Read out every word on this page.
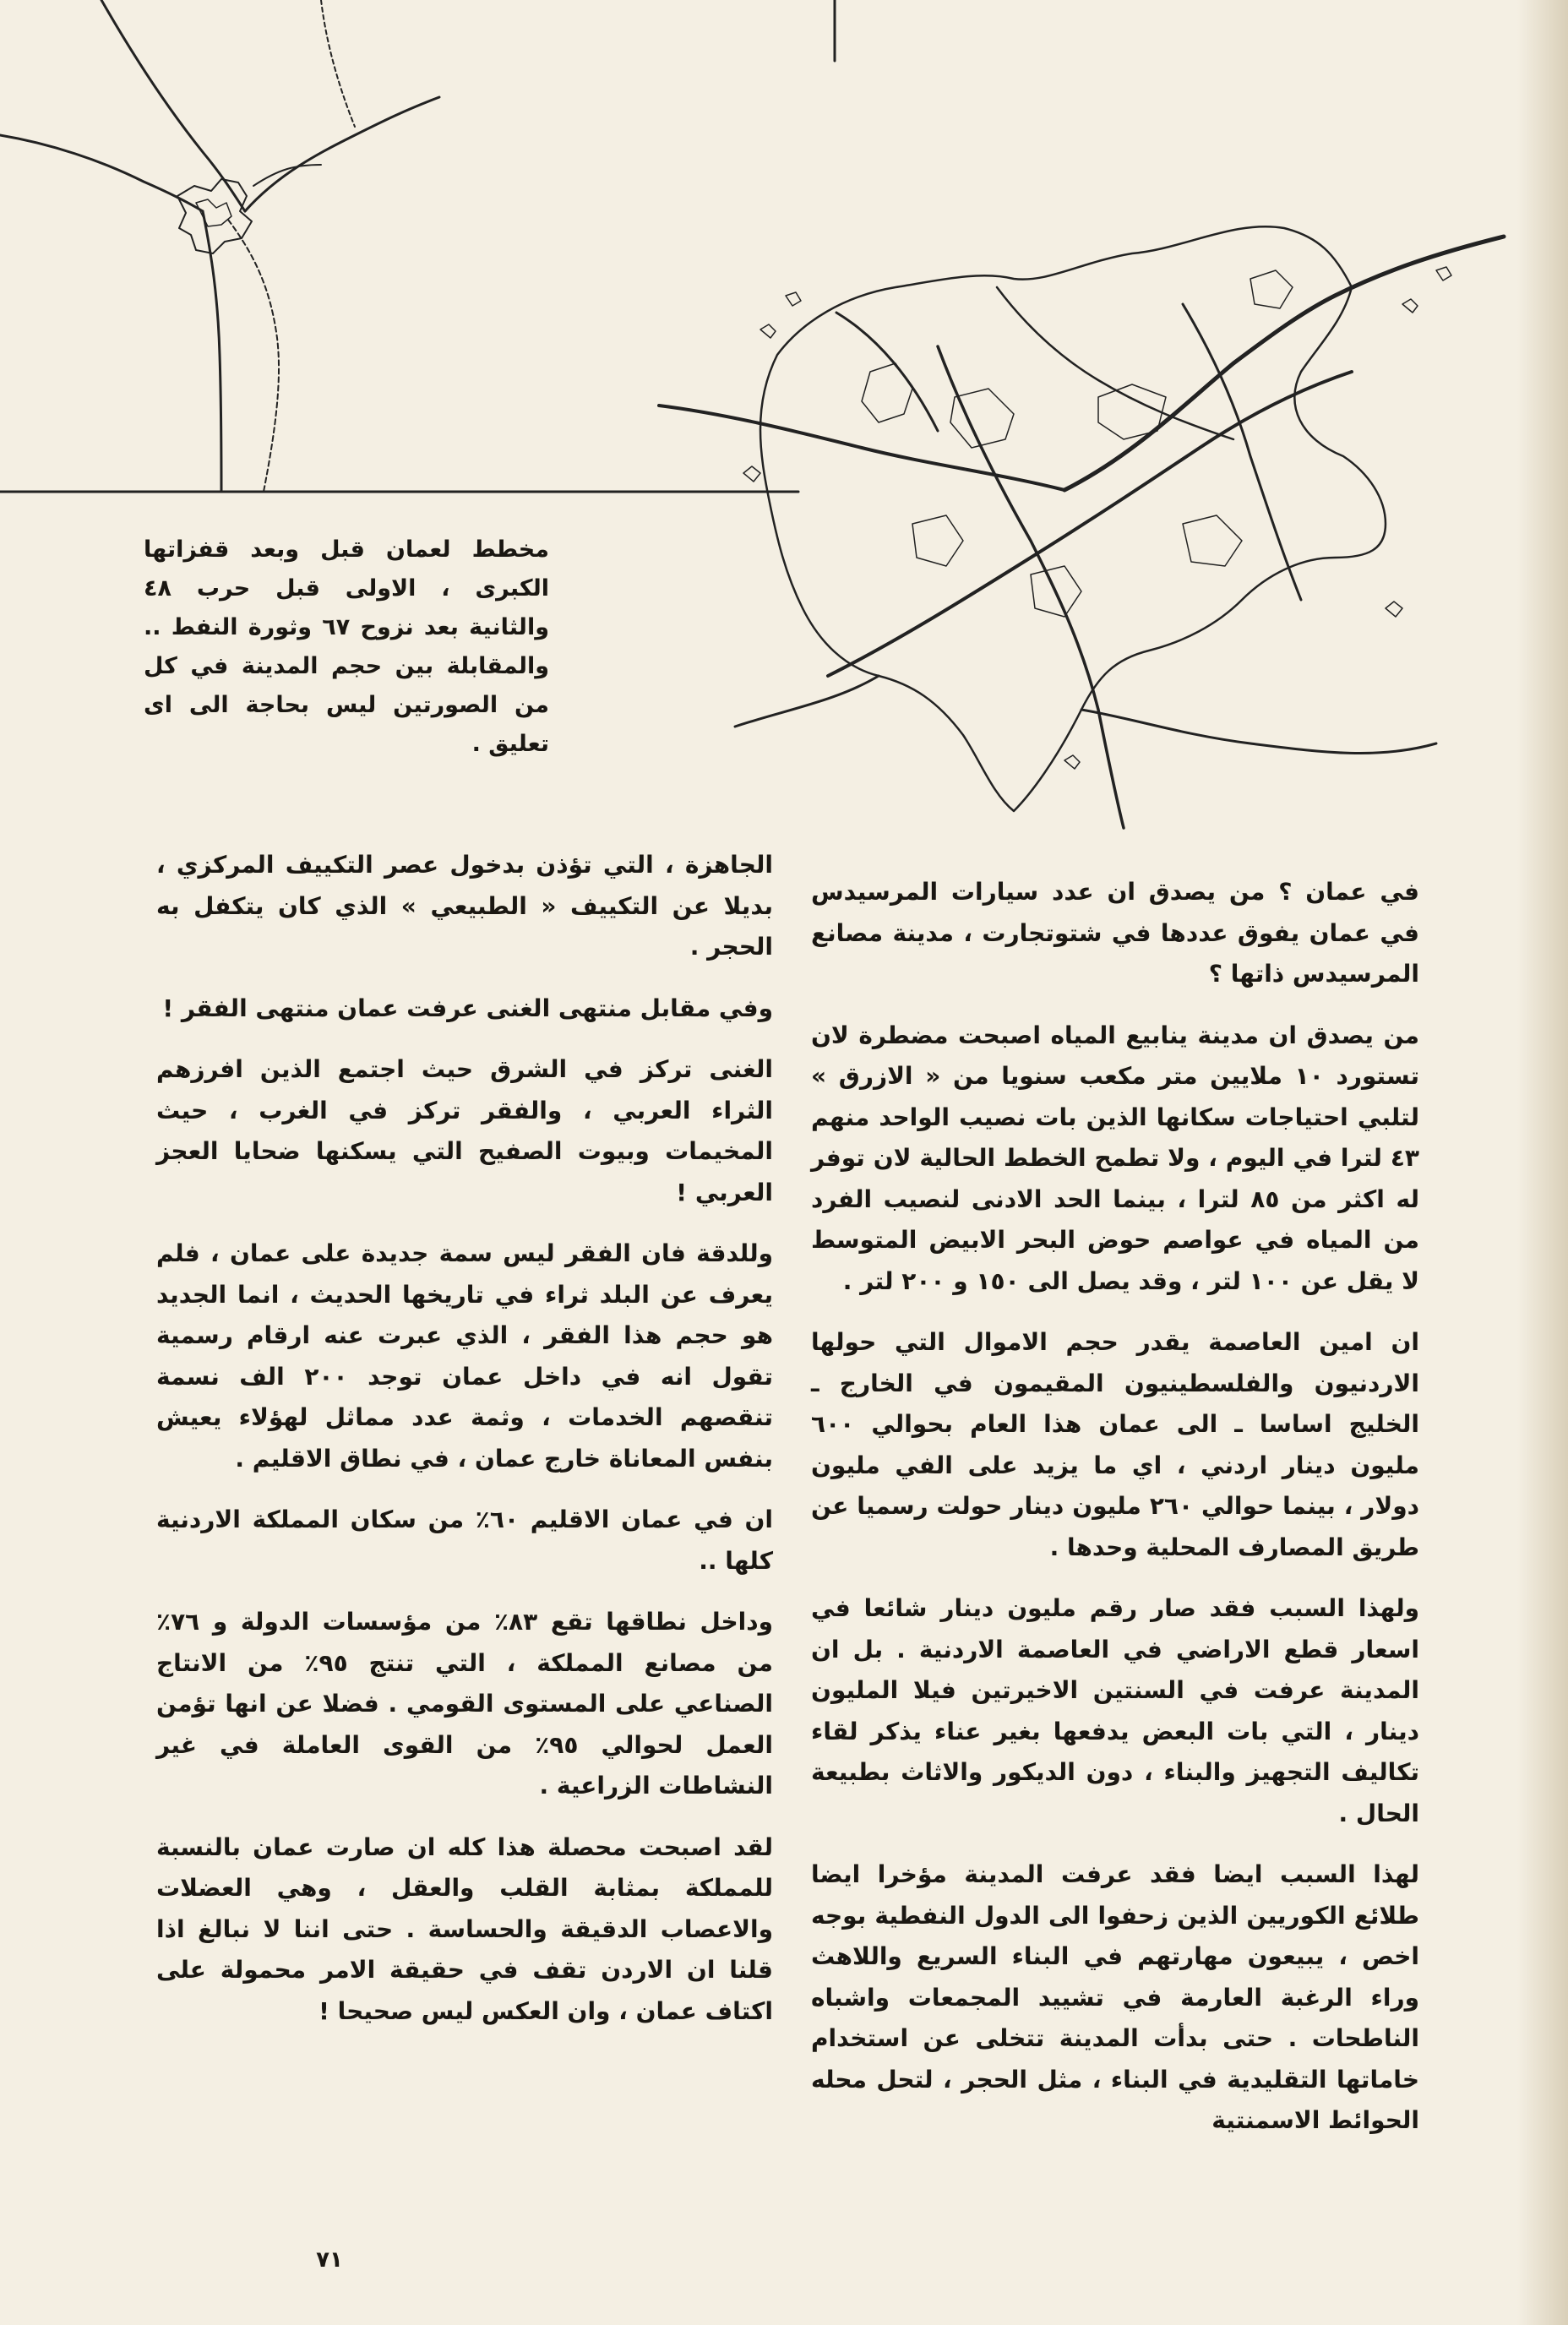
مخطط لعمان قبل وبعد قفزاتها الكبرى ، الاولى قبل حرب ٤٨ والثانية بعد نزوح ٦٧ وثورة النفط .. والمقابلة بين حجم المدينة في كل من الصورتين ليس بحاجة الى اى تعليق .

في عمان ؟ من يصدق ان عدد سيارات المرسيدس في عمان يفوق عددها في شتوتجارت ، مدينة مصانع المرسيدس ذاتها ؟

من يصدق ان مدينة ينابيع المياه اصبحت مضطرة لان تستورد ١٠ ملايين متر مكعب سنويا من « الازرق » لتلبي احتياجات سكانها الذين بات نصيب الواحد منهم ٤٣ لترا في اليوم ، ولا تطمح الخطط الحالية لان توفر له اكثر من ٨٥ لترا ، بينما الحد الادنى لنصيب الفرد من المياه في عواصم حوض البحر الابيض المتوسط لا يقل عن ١٠٠ لتر ، وقد يصل الى ١٥٠ و ٢٠٠ لتر .

ان امين العاصمة يقدر حجم الاموال التي حولها الاردنيون والفلسطينيون المقيمون في الخارج ـ الخليج اساسا ـ الى عمان هذا العام بحوالي ٦٠٠ مليون دينار اردني ، اي ما يزيد على الفي مليون دولار ، بينما حوالي ٢٦٠ مليون دينار حولت رسميا عن طريق المصارف المحلية وحدها .

ولهذا السبب فقد صار رقم مليون دينار شائعا في اسعار قطع الاراضي في العاصمة الاردنية . بل ان المدينة عرفت في السنتين الاخيرتين فيلا المليون دينار ، التي بات البعض يدفعها بغير عناء يذكر لقاء تكاليف التجهيز والبناء ، دون الديكور والاثاث بطبيعة الحال .

لهذا السبب ايضا فقد عرفت المدينة مؤخرا ايضا طلائع الكوريين الذين زحفوا الى الدول النفطية بوجه اخص ، يبيعون مهارتهم في البناء السريع واللاهث وراء الرغبة العارمة في تشييد المجمعات واشباه الناطحات . حتى بدأت المدينة تتخلى عن استخدام خاماتها التقليدية في البناء ، مثل الحجر ، لتحل محله الحوائط الاسمنتية

الجاهزة ، التي تؤذن بدخول عصر التكييف المركزي ، بديلا عن التكييف « الطبيعي » الذي كان يتكفل به الحجر .

وفي مقابل منتهى الغنى عرفت عمان منتهى الفقر !

الغنى تركز في الشرق حيث اجتمع الذين افرزهم الثراء العربي ، والفقر تركز في الغرب ، حيث المخيمات وبيوت الصفيح التي يسكنها ضحايا العجز العربي !

وللدقة فان الفقر ليس سمة جديدة على عمان ، فلم يعرف عن البلد ثراء في تاريخها الحديث ، انما الجديد هو حجم هذا الفقر ، الذي عبرت عنه ارقام رسمية تقول انه في داخل عمان توجد ٢٠٠ الف نسمة تنقصهم الخدمات ، وثمة عدد مماثل لهؤلاء يعيش بنفس المعاناة خارج عمان ، في نطاق الاقليم .

ان في عمان الاقليم ٦٠٪ من سكان المملكة الاردنية كلها ..

وداخل نطاقها تقع ٨٣٪ من مؤسسات الدولة و ٧٦٪ من مصانع المملكة ، التي تنتج ٩٥٪ من الانتاج الصناعي على المستوى القومي . فضلا عن انها تؤمن العمل لحوالي ٩٥٪ من القوى العاملة في غير النشاطات الزراعية .

لقد اصبحت محصلة هذا كله ان صارت عمان بالنسبة للمملكة بمثابة القلب والعقل ، وهي العضلات والاعصاب الدقيقة والحساسة . حتى اننا لا نبالغ اذا قلنا ان الاردن تقف في حقيقة الامر محمولة على اكتاف عمان ، وان العكس ليس صحيحا !

٧١
